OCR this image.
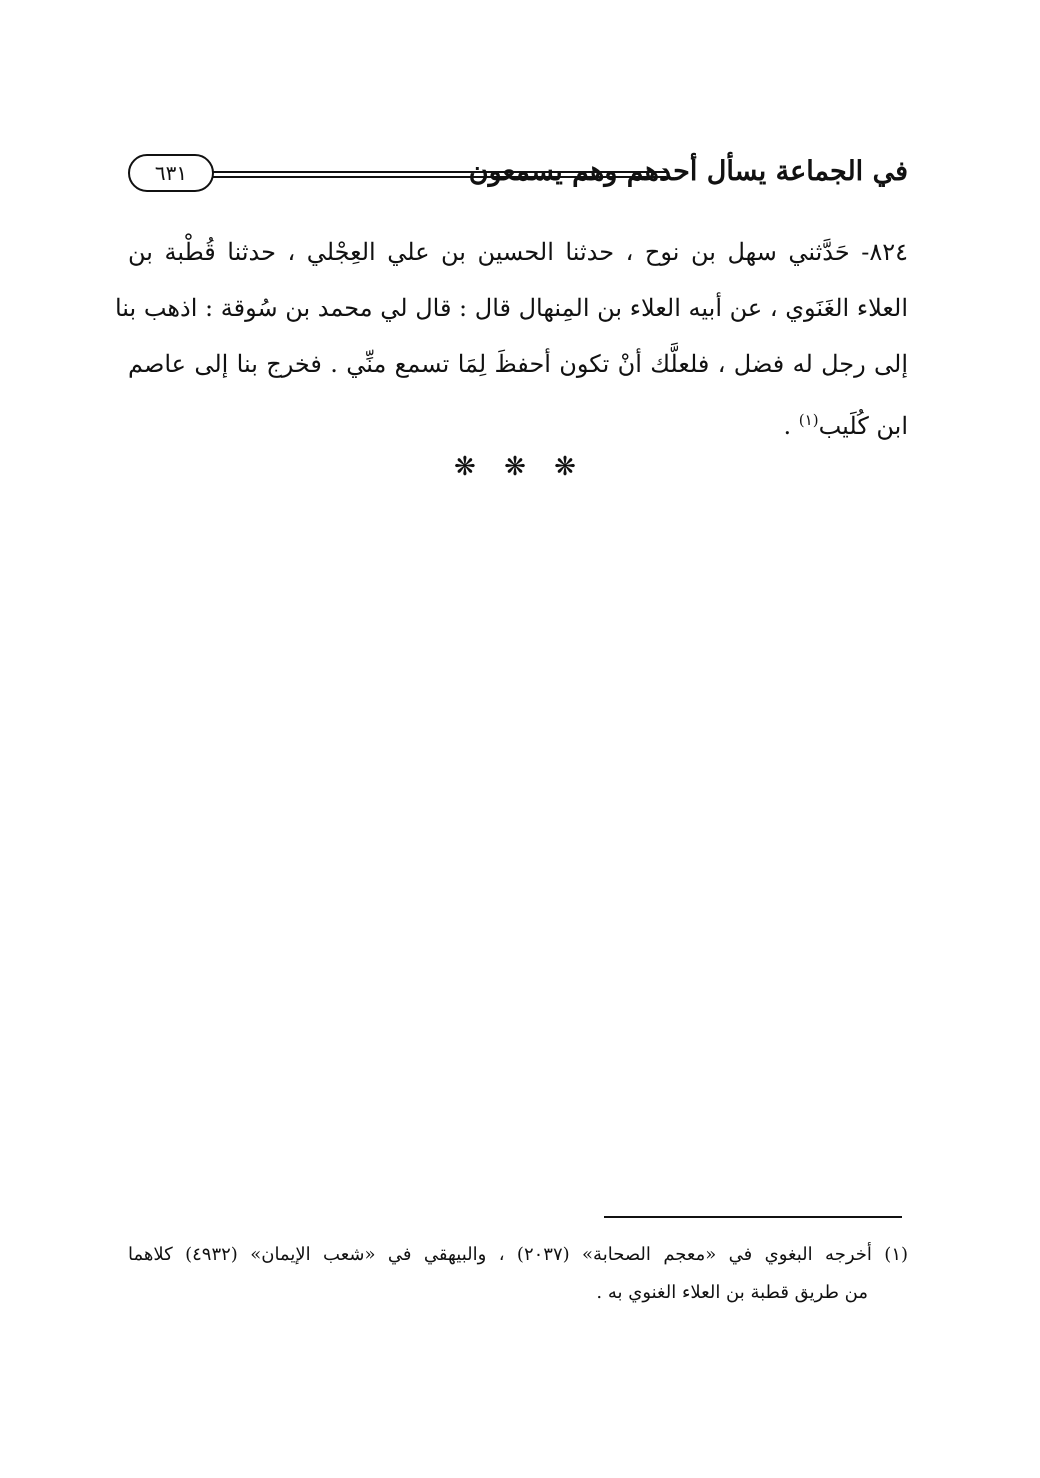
في الجماعة يسأل أحدهم وهم يسمعون
٦٣١
٨٢٤- حَدَّثني سهل بن نوح ، حدثنا الحسين بن علي العِجْلي ، حدثنا قُطْبة بن
العلاء الغَنَوي ، عن أبيه العلاء بن المِنهال قال : قال لي محمد بن سُوقة : اذهب بنا
إلى رجل له فضل ، فلعلَّك أنْ تكون أحفظَ لِمَا تسمع منِّي . فخرج بنا إلى عاصم
ابن كُلَيب$^{(١)}$ .
❋ ❋ ❋
(١) أخرجه البغوي في «معجم الصحابة» (٢٠٣٧) ، والبيهقي في «شعب الإيمان» (٤٩٣٢) كلاهما
من طريق قطبة بن العلاء الغنوي به .
